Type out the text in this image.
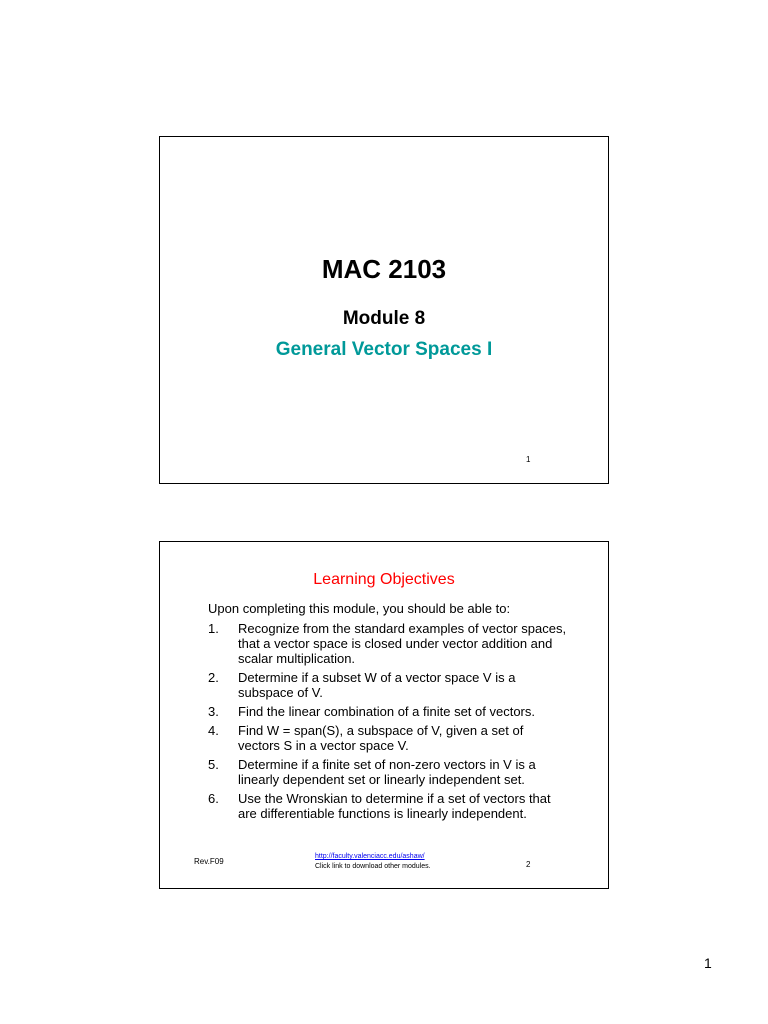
MAC 2103
Module 8
General Vector Spaces I
1
Learning Objectives
Upon completing this module, you should be able to:
1.	Recognize from the standard examples of vector spaces, that a vector space is closed under vector addition and scalar multiplication.
2.	Determine if a subset W of a vector space V is a subspace of V.
3.	Find the linear combination of a finite set of vectors.
4.	Find W = span(S), a subspace of V, given a set of vectors S in a vector space V.
5.	Determine if a finite set of non-zero vectors in V is a linearly dependent set or linearly independent set.
6.	Use the Wronskian to determine if a set of vectors that are differentiable functions is linearly independent.
Rev.F09
http://faculty.valenciacc.edu/ashaw/
Click link to download other modules.	2
1
